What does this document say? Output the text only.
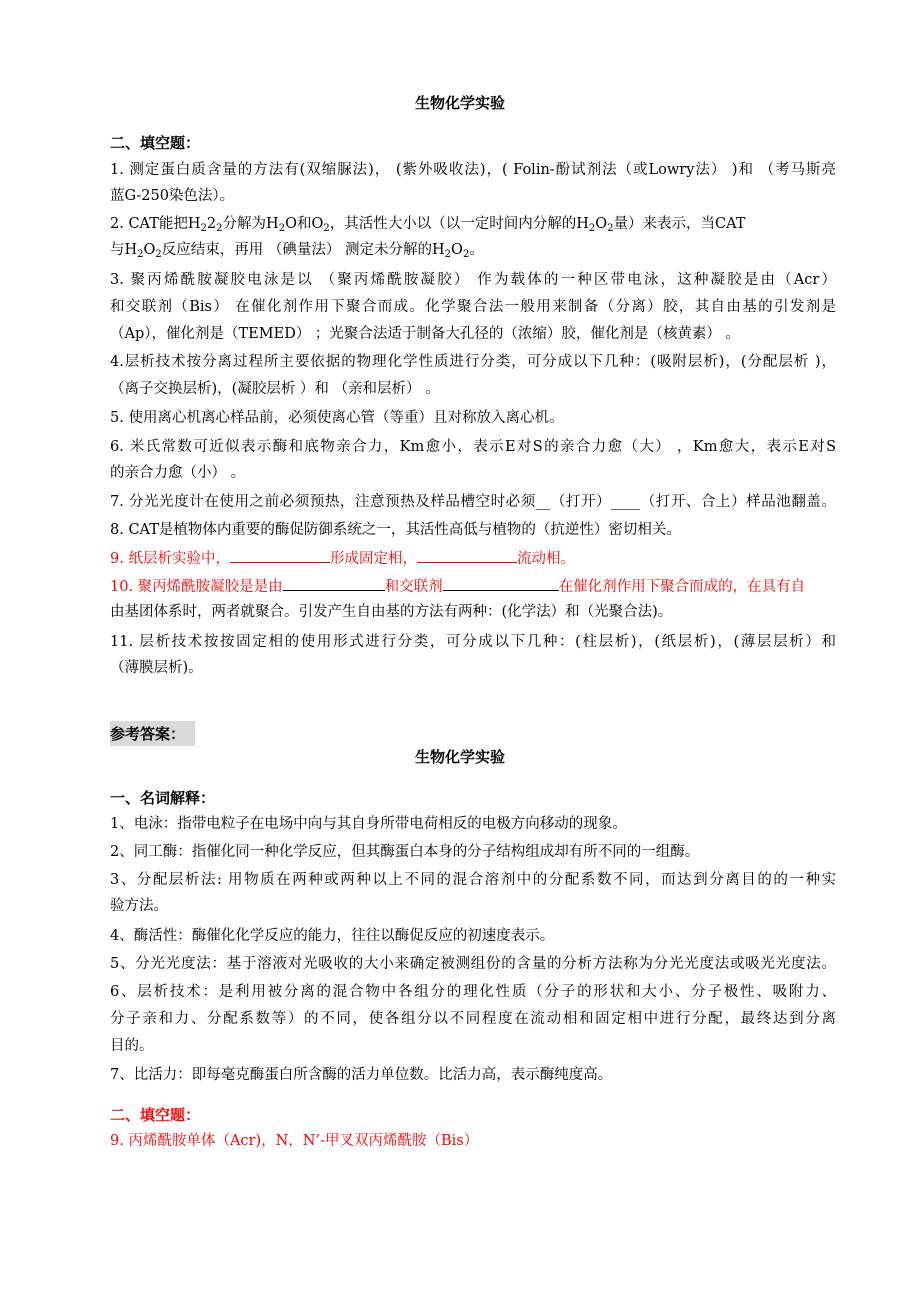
生物化学实验
二、填空题：
1. 测定蛋白质含量的方法有(双缩脲法)， (紫外吸收法)，( Folin-酚试剂法（或Lowry法） )和 （考马斯亮
蓝G-250染色法）。
2. CAT能把$H_22_2$分解为$H_2O$和$O_2$，其活性大小以（以一定时间内分解的$H_2O_2$量）来表示，当CAT
与$H_2O_2$反应结束，再用 （碘量法） 测定未分解的$H_2O_2$。
3. 聚丙烯酰胺凝胶电泳是以 （聚丙烯酰胺凝胶） 作为载体的一种区带电泳，这种凝胶是由（Acr）
和交联剂（Bis） 在催化剂作用下聚合而成。化学聚合法一般用来制备（分离）胶，其自由基的引发剂是
（Ap），催化剂是（TEMED） ；光聚合法适于制备大孔径的（浓缩）胶，催化剂是（核黄素） 。
4.层析技术按分离过程所主要依据的物理化学性质进行分类，可分成以下几种：(吸附层析)，(分配层析 )，
（离子交换层析)，(凝胶层析 ）和 （亲和层析） 。
5. 使用离心机离心样品前，必须使离心管（等重）且对称放入离心机。
6. 米氏常数可近似表示酶和底物亲合力，Km愈小，表示E对S的亲合力愈（大） ，Km愈大，表示E对S
的亲合力愈（小） 。
7. 分光光度计在使用之前必须预热，注意预热及样品槽空时必须__（打开）____（打开、合上）样品池翻盖。
8. CAT是植物体内重要的酶促防御系统之一，其活性高低与植物的（抗逆性）密切相关。
9. 纸层析实验中，	形成固定相，	流动相。
10. 聚丙烯酰胺凝胶是是由	和交联剂	在催化剂作用下聚合而成的，在具有自
由基团体系时，两者就聚合。引发产生自由基的方法有两种：(化学法）和（光聚合法)。
11. 层析技术按按固定相的使用形式进行分类，可分成以下几种：(柱层析)，(纸层析)，(薄层层析）和
（薄膜层析)。
参考答案：
生物化学实验
一、名词解释：
1、电泳：指带电粒子在电场中向与其自身所带电荷相反的电极方向移动的现象。
2、同工酶：指催化同一种化学反应，但其酶蛋白本身的分子结构组成却有所不同的一组酶。
3、分配层析法: 用物质在两种或两种以上不同的混合溶剂中的分配系数不同，而达到分离目的的一种实
验方法。
4、酶活性：酶催化化学反应的能力，往往以酶促反应的初速度表示。
5、分光光度法：基于溶液对光吸收的大小来确定被测组份的含量的分析方法称为分光光度法或吸光光度法。
6、层析技术：是利用被分离的混合物中各组分的理化性质（分子的形状和大小、分子极性、吸附力、
分子亲和力、分配系数等）的不同，使各组分以不同程度在流动相和固定相中进行分配，最终达到分离
目的。
7、比活力：即每毫克酶蛋白所含酶的活力单位数。比活力高，表示酶纯度高。
二、填空题：
9. 丙烯酰胺单体（Acr)，N，N’-甲叉双丙烯酰胺（Bis）
